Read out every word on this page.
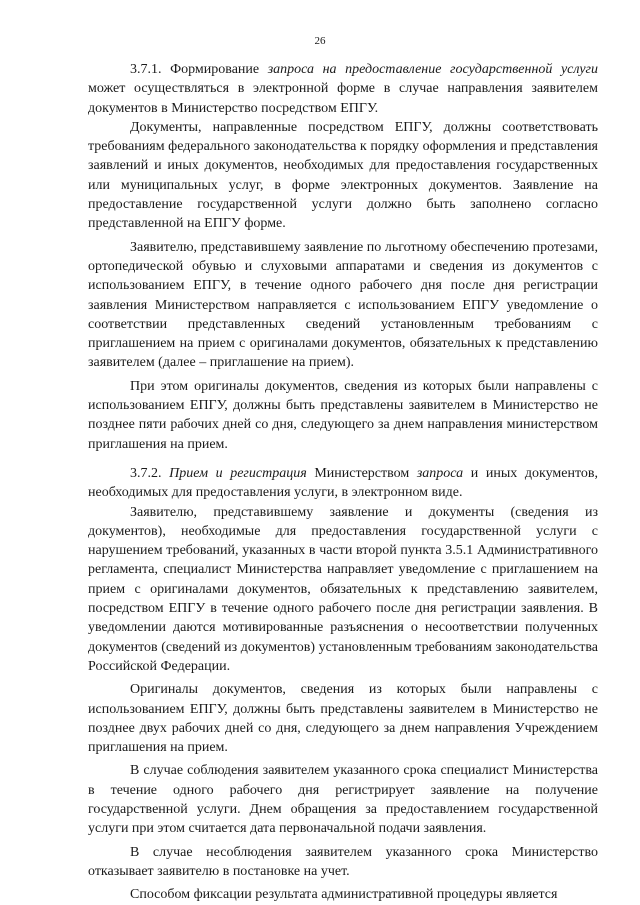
26

3.7.1. Формирование запроса на предоставление государственной услуги может осуществляться в электронной форме в случае направления заявителем документов в Министерство посредством ЕПГУ.

Документы, направленные посредством ЕПГУ, должны соответствовать требованиям федерального законодательства к порядку оформления и представления заявлений и иных документов, необходимых для предоставления государственных или муниципальных услуг, в форме электронных документов. Заявление на предоставление государственной услуги должно быть заполнено согласно представленной на ЕПГУ форме.

Заявителю, представившему заявление по льготному обеспечению протезами, ортопедической обувью и слуховыми аппаратами и сведения из документов с использованием ЕПГУ, в течение одного рабочего дня после дня регистрации заявления Министерством направляется с использованием ЕПГУ уведомление о соответствии представленных сведений установленным требованиям с приглашением на прием с оригиналами документов, обязательных к представлению заявителем (далее – приглашение на прием).

При этом оригиналы документов, сведения из которых были направлены с использованием ЕПГУ, должны быть представлены заявителем в Министерство не позднее пяти рабочих дней со дня, следующего за днем направления министерством приглашения на прием.

3.7.2. Прием и регистрация Министерством запроса и иных документов, необходимых для предоставления услуги, в электронном виде.

Заявителю, представившему заявление и документы (сведения из документов), необходимые для предоставления государственной услуги с нарушением требований, указанных в части второй пункта 3.5.1 Административного регламента, специалист Министерства направляет уведомление с приглашением на прием с оригиналами документов, обязательных к представлению заявителем, посредством ЕПГУ в течение одного рабочего после дня регистрации заявления. В уведомлении даются мотивированные разъяснения о несоответствии полученных документов (сведений из документов) установленным требованиям законодательства Российской Федерации.

Оригиналы документов, сведения из которых были направлены с использованием ЕПГУ, должны быть представлены заявителем в Министерство не позднее двух рабочих дней со дня, следующего за днем направления Учреждением приглашения на прием.

В случае соблюдения заявителем указанного срока специалист Министерства в течение одного рабочего дня регистрирует заявление на получение государственной услуги. Днем обращения за предоставлением государственной услуги при этом считается дата первоначальной подачи заявления.

В случае несоблюдения заявителем указанного срока Министерство отказывает заявителю в постановке на учет.

Способом фиксации результата административной процедуры является
